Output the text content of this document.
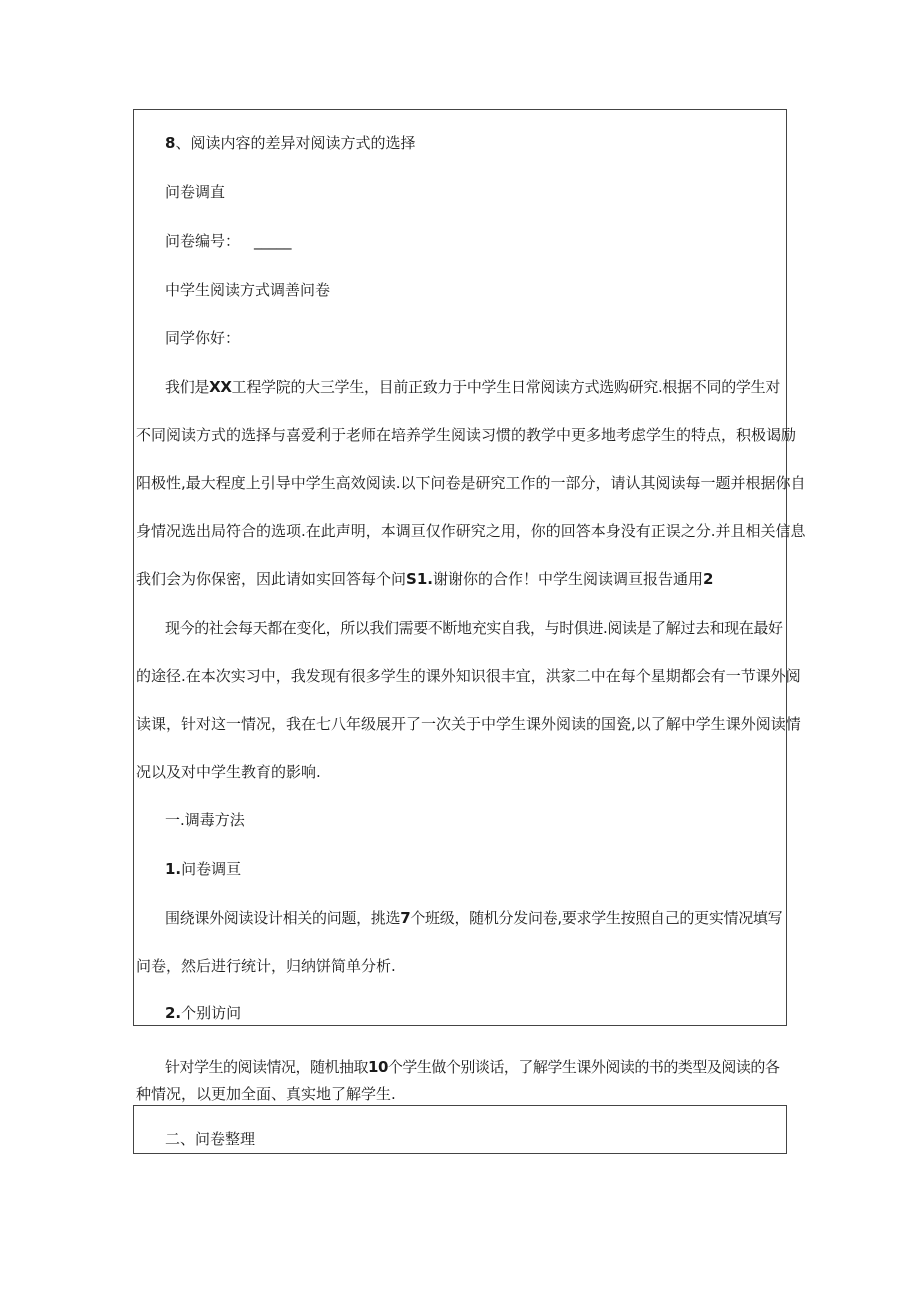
8、阅读内容的差异对阅读方式的选择
问卷调直
问卷编号： _____
中学生阅读方式调善问卷
同学你好：
我们是XX工程学院的大三学生，目前正致力于中学生日常阅读方式选购研究.根据不同的学生对
不同阅读方式的选择与喜爱利于老师在培养学生阅读习惯的教学中更多地考虑学生的特点，积极谒励
阳极性,最大程度上引导中学生高效阅读.以下问卷是研究工作的一部分，请认其阅读每一题并根据你自
身情况选出局符合的选项.在此声明，本调亘仅作研究之用，你的回答本身没有正误之分.并且相关信息
我们会为你保密，因此请如实回答每个问S1.谢谢你的合作！中学生阅读调亘报告通用2
现今的社会每天都在变化，所以我们需要不断地充实自我，与时俱进.阅读是了解过去和现在最好
的途径.在本次实习中，我发现有很多学生的课外知识很丰宜，洪家二中在每个星期都会有一节课外阅
读课，针对这一情况，我在七八年级展开了一次关于中学生课外阅读的国瓷,以了解中学生课外阅读情
况以及对中学生教育的影响.
一.调毒方法
1.问卷调亘
围绕课外阅读设计相关的问题，挑选7个班级，随机分发问卷,要求学生按照自己的更实情况填写
问卷，然后进行统计，归纳饼简单分析.
2.个别访问
针对学生的阅读情况，随机抽取10个学生做个别谈话，了解学生课外阅读的书的类型及阅读的各
种情况，以更加全面、真实地了解学生.
二、问卷整理
